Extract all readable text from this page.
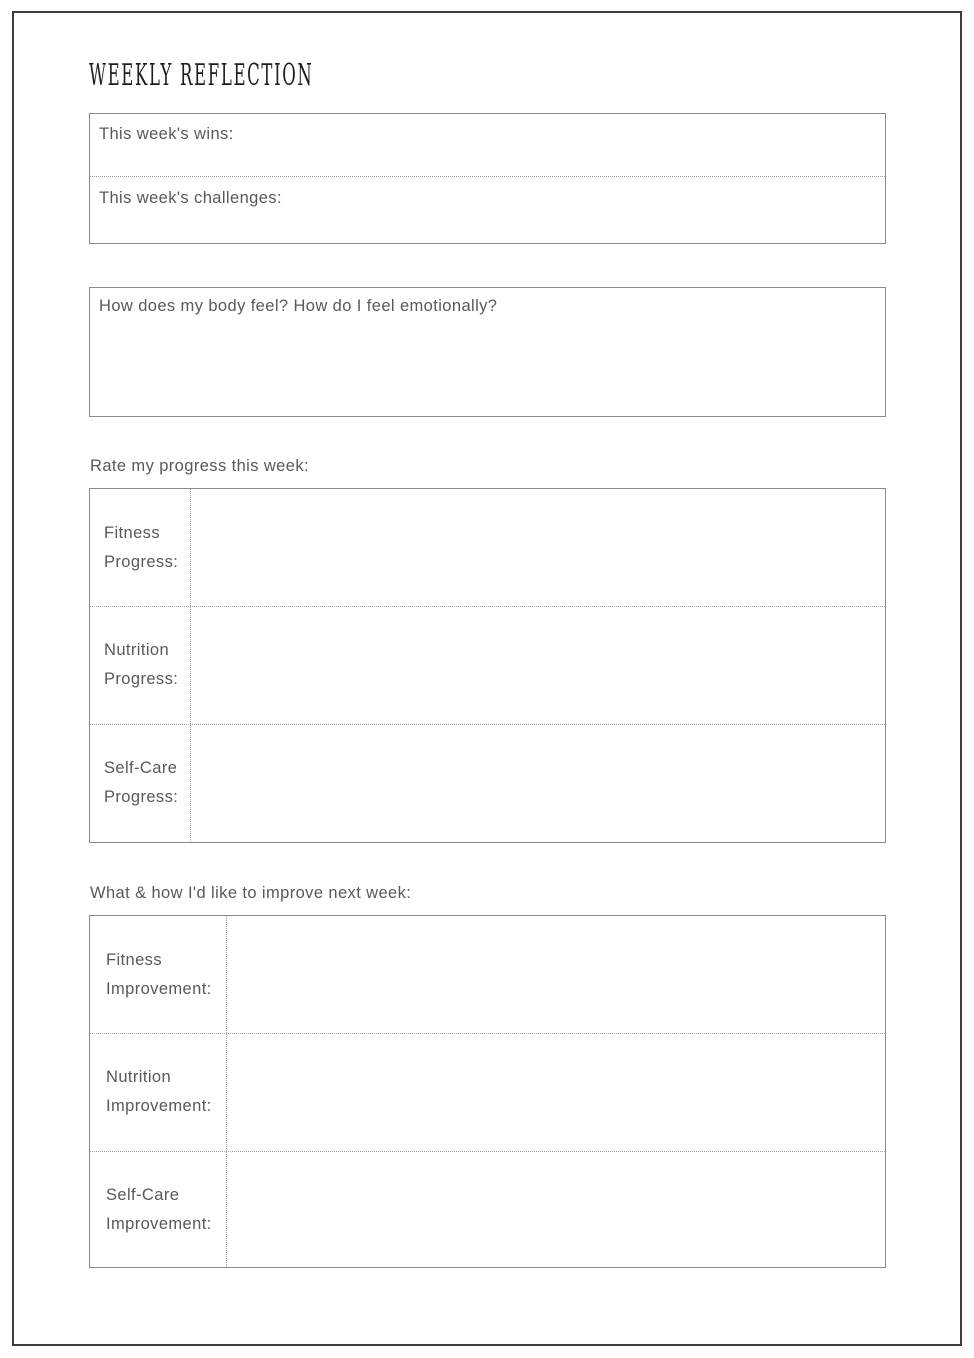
WEEKLY REFLECTION
This week's wins:
This week's challenges:
How does my body feel? How do I feel emotionally?
Rate my progress this week:
Fitness Progress:
Nutrition Progress:
Self-Care Progress:
What & how I'd like to improve next week:
Fitness Improvement:
Nutrition Improvement:
Self-Care Improvement:
